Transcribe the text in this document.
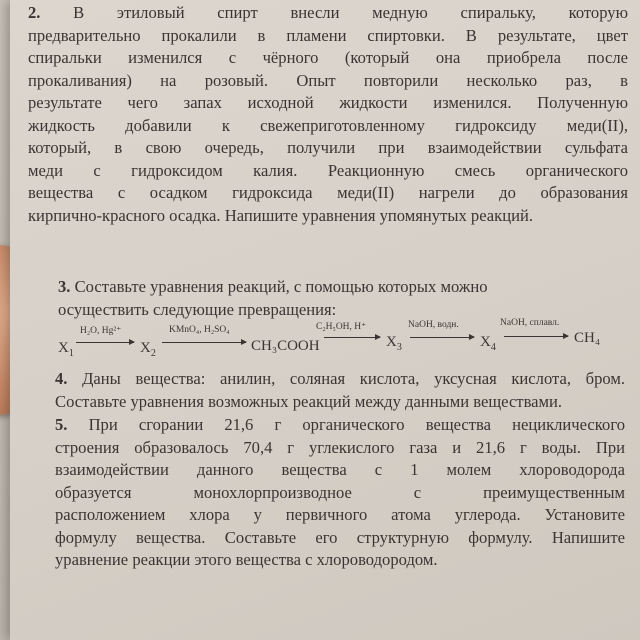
2. В этиловый спирт внесли медную спиральку, которую
предварительно прокалили в пламени спиртовки. В результате, цвет
спиральки изменился с чёрного (который она приобрела после
прокаливания) на розовый. Опыт повторили несколько раз, в
результате чего запах исходной жидкости изменился. Полученную
жидкость добавили к свежеприготовленному гидроксиду меди(II),
который, в свою очередь, получили при взаимодействии сульфата
меди с гидроксидом калия. Реакционную смесь органического
вещества с осадком гидроксида меди(II) нагрели до образования
кирпично-красного осадка. Напишите уравнения упомянутых реакций.
3. Составьте уравнения реакций, с помощью которых можно
осуществить следующие превращения:
$X_1$
H₂O, Hg²⁺
$X_2$
KMnO₄, H₂SO₄
CH₃COOH
C₂H₅OH, H⁺
$X_3$
NaOH, водн.
$X_4$
NaOH, сплавл.
CH₄
4. Даны вещества: анилин, соляная кислота, уксусная кислота, бром.
Составьте уравнения возможных реакций между данными веществами.
5. При сгорании 21,6 г органического вещества нециклического
строения образовалось 70,4 г углекислого газа и 21,6 г воды. При
взаимодействии данного вещества с 1 молем хлороводорода
образуется монохлорпроизводное с преимущественным
расположением хлора у первичного атома углерода. Установите
формулу вещества. Составьте его структурную формулу. Напишите
уравнение реакции этого вещества с хлороводородом.
